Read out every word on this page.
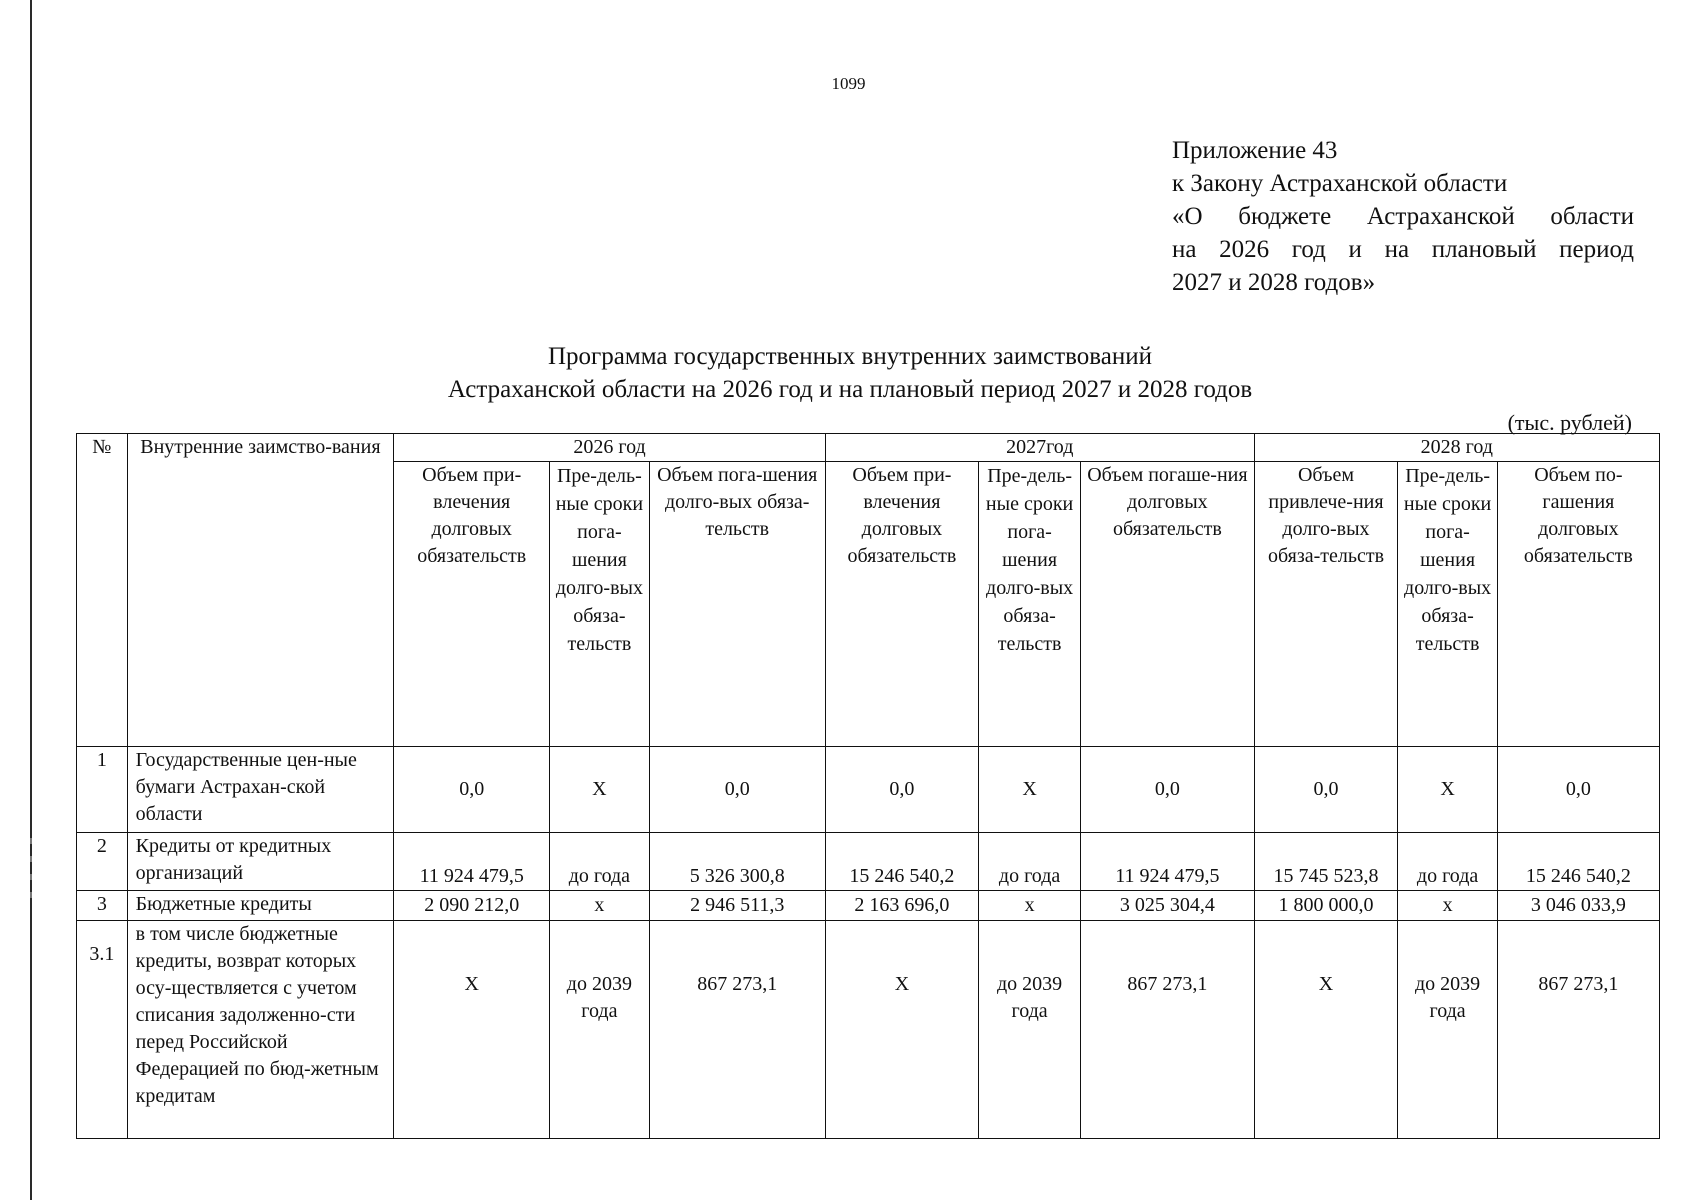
1099
Приложение 43
к Закону Астраханской области
«О бюджете Астраханской области
на 2026 год и на плановый период
2027 и 2028 годов»
Программа государственных внутренних заимствований
Астраханской области на 2026 год и на плановый период 2027 и 2028 годов
(тыс. рублей)
№	Внутренние заимство-вания	2026 год			2027год			2028 год		
		Объем при-влечения долговых обязательств	Пре-дель-ные сроки пога-шения долго-вых обяза-тельств	Объем пога-шения долго-вых обяза-тельств	Объем при-влечения долговых обязательств	Пре-дель-ные сроки пога-шения долго-вых обяза-тельств	Объем погаше-ния долговых обязательств	Объем привлече-ния долго-вых обяза-тельств	Пре-дель-ные сроки пога-шения долго-вых обяза-тельств	Объем по-гашения долговых обязательств
1	Государственные цен-ные бумаги Астрахан-ской области	0,0	Х	0,0	0,0	Х	0,0	0,0	Х	0,0
2	Кредиты от кредитных организаций	11 924 479,5	до года	5 326 300,8	15 246 540,2	до года	11 924 479,5	15 745 523,8	до года	15 246 540,2
3	Бюджетные кредиты	2 090 212,0	х	2 946 511,3	2 163 696,0	х	3 025 304,4	1 800 000,0	х	3 046 033,9
3.1	в том числе бюджетные кредиты, возврат которых осу-ществляется с учетом списания задолженно-сти перед Российской Федерацией по бюд-жетным кредитам	Х	до 2039 года	867 273,1	Х	до 2039 года	867 273,1	Х	до 2039 года	867 273,1
